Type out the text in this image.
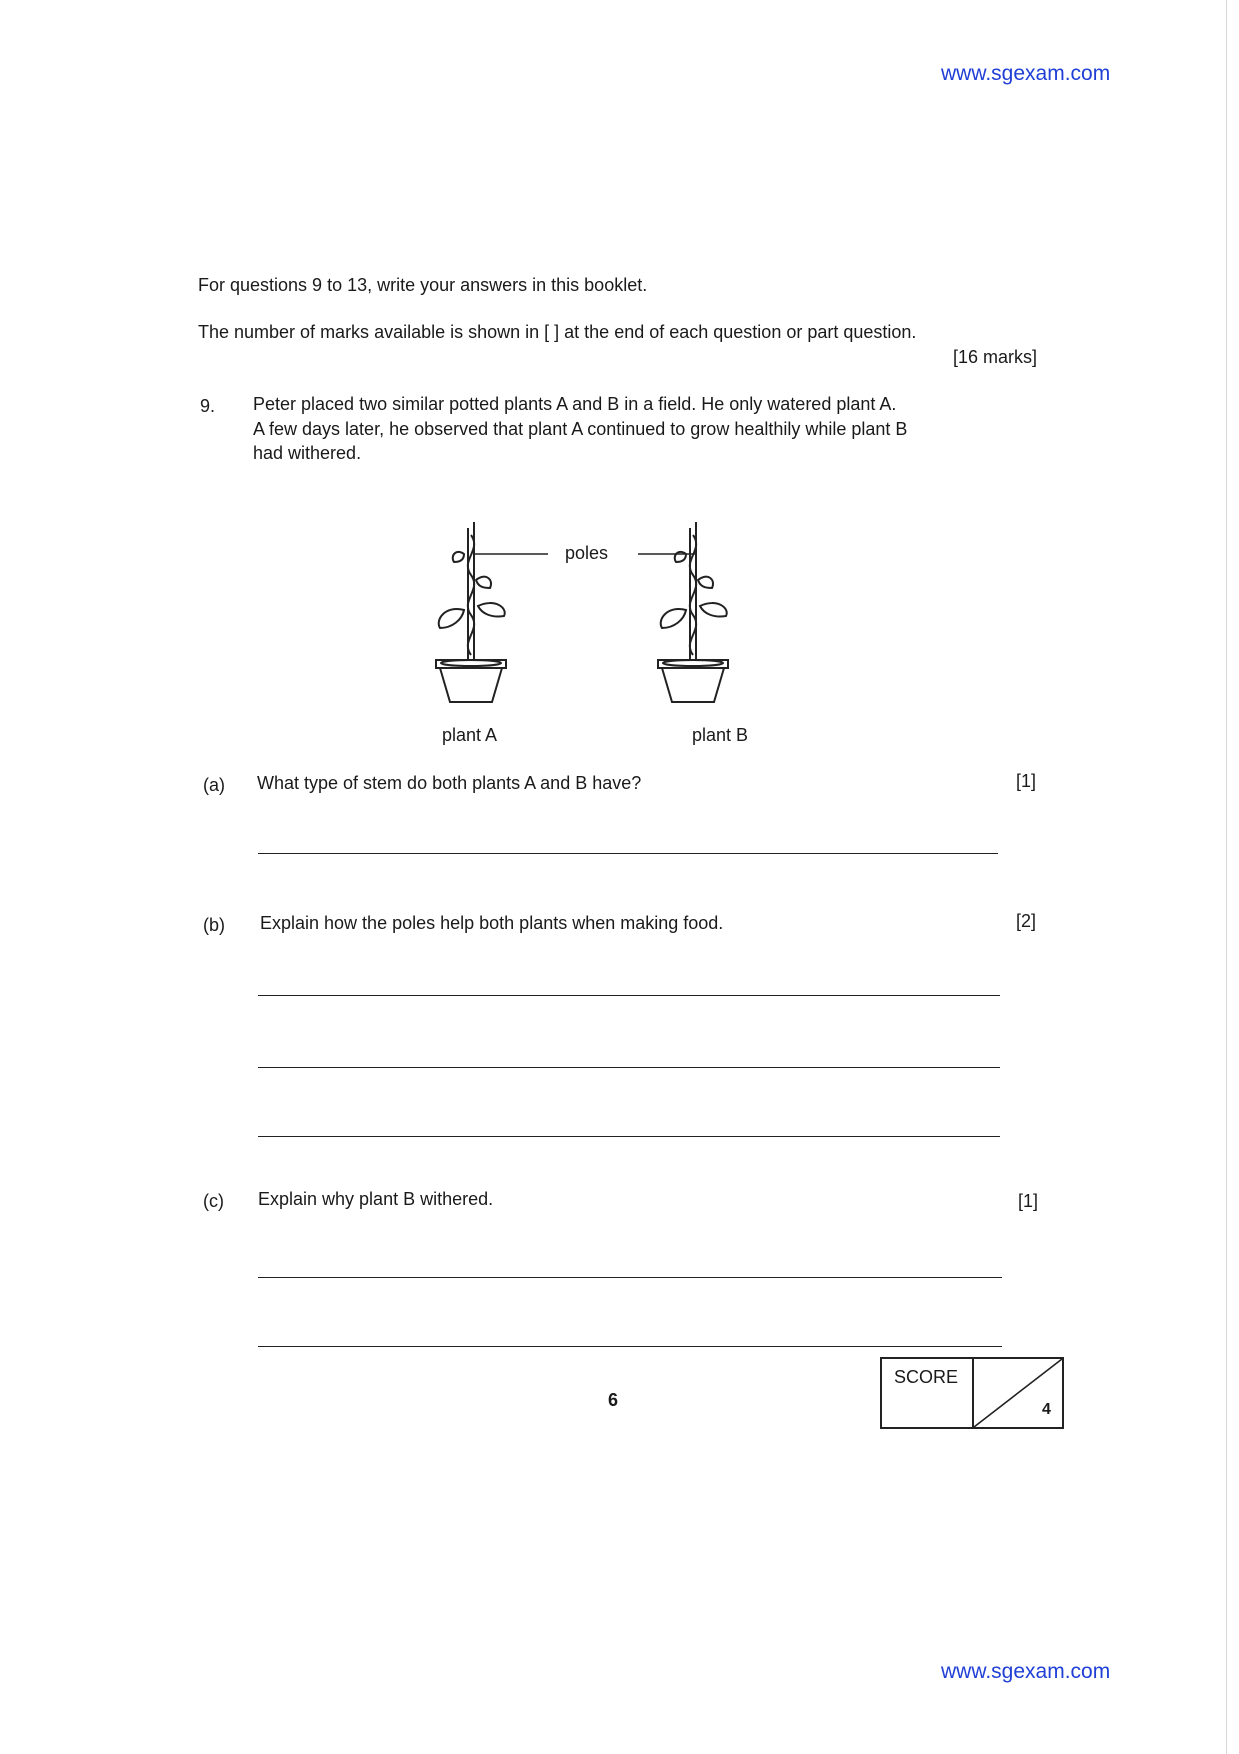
www.sgexam.com
For questions 9 to 13, write your answers in this booklet.
The number of marks available is shown in [ ] at the end of each question or part question.
[16 marks]
9. Peter placed two similar potted plants A and B in a field. He only watered plant A.
A few days later, he observed that plant A continued to grow healthily while plant B
had withered.
poles
plant A	plant B
(a) What type of stem do both plants A and B have?	[1]
(b) Explain how the poles help both plants when making food.	[2]
(c) Explain why plant B withered.	[1]
6
SCORE
4
www.sgexam.com
